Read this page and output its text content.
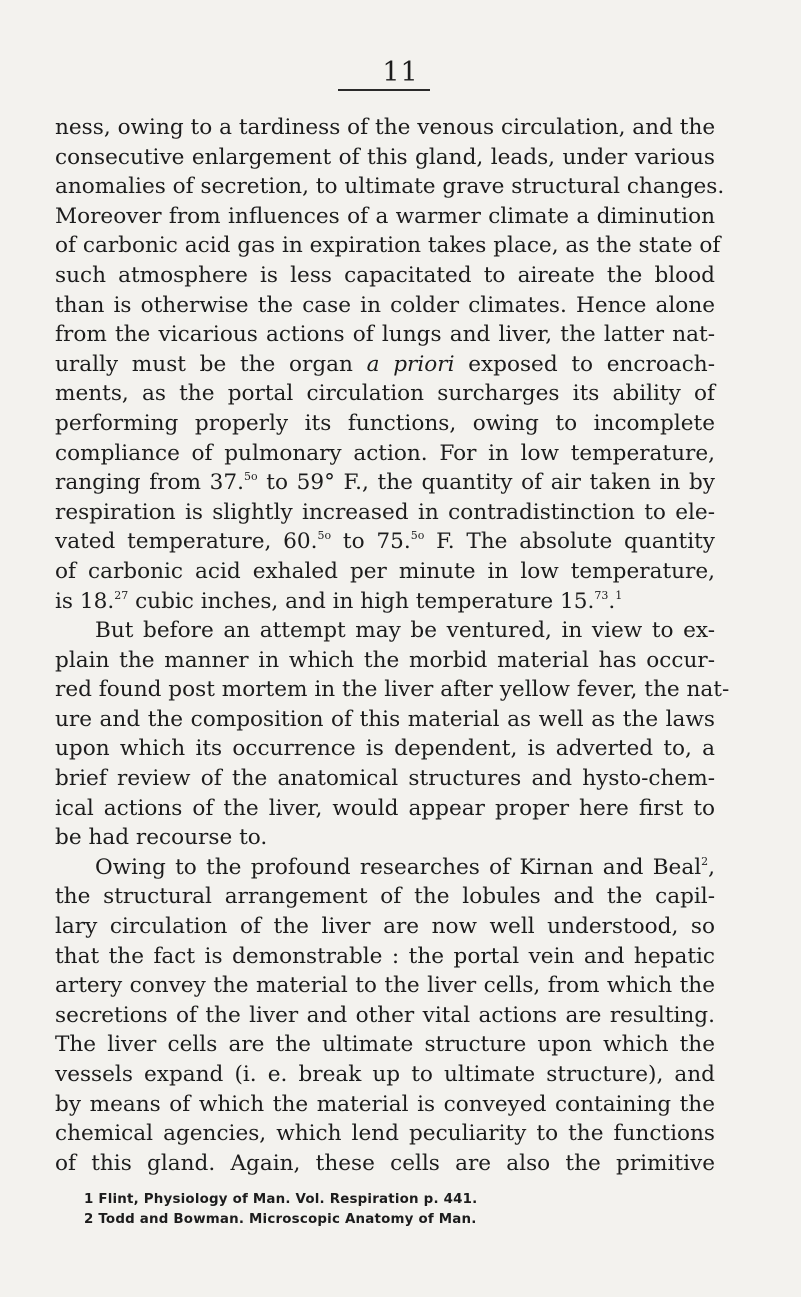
11
ness, owing to a tardiness of the venous circulation, and the
consecutive enlargement of this gland, leads, under various
anomalies of secretion, to ultimate grave structural changes.
Moreover from influences of a warmer climate a diminution
of carbonic acid gas in expiration takes place, as the state of
such atmosphere is less capacitated to aireate the blood
than is otherwise the case in colder climates. Hence alone
from the vicarious actions of lungs and liver, the latter nat-
urally must be the organ a priori exposed to encroach-
ments, as the portal circulation surcharges its ability of
performing properly its functions, owing to incomplete
compliance of pulmonary action. For in low temperature,
ranging from 37.$^{5o}$ to 59° F., the quantity of air taken in by
respiration is slightly increased in contradistinction to ele-
vated temperature, 60.$^{5o}$ to 75.$^{5o}$ F. The absolute quantity
of carbonic acid exhaled per minute in low temperature,
is 18.27 cubic inches, and in high temperature 15.73.$^1$
But before an attempt may be ventured, in view to ex-
plain the manner in which the morbid material has occur-
red found post mortem in the liver after yellow fever, the nat-
ure and the composition of this material as well as the laws
upon which its occurrence is dependent, is adverted to, a
brief review of the anatomical structures and hysto-chem-
ical actions of the liver, would appear proper here first to
be had recourse to.
Owing to the profound researches of Kirnan and Beal$^2$,
the structural arrangement of the lobules and the capil-
lary circulation of the liver are now well understood, so
that the fact is demonstrable : the portal vein and hepatic
artery convey the material to the liver cells, from which the
secretions of the liver and other vital actions are resulting.
The liver cells are the ultimate structure upon which the
vessels expand (i. e. break up to ultimate structure), and
by means of which the material is conveyed containing the
chemical agencies, which lend peculiarity to the functions
of this gland. Again, these cells are also the primitive
1 Flint, Physiology of Man. Vol. Respiration p. 441.
2 Todd and Bowman. Microscopic Anatomy of Man.
